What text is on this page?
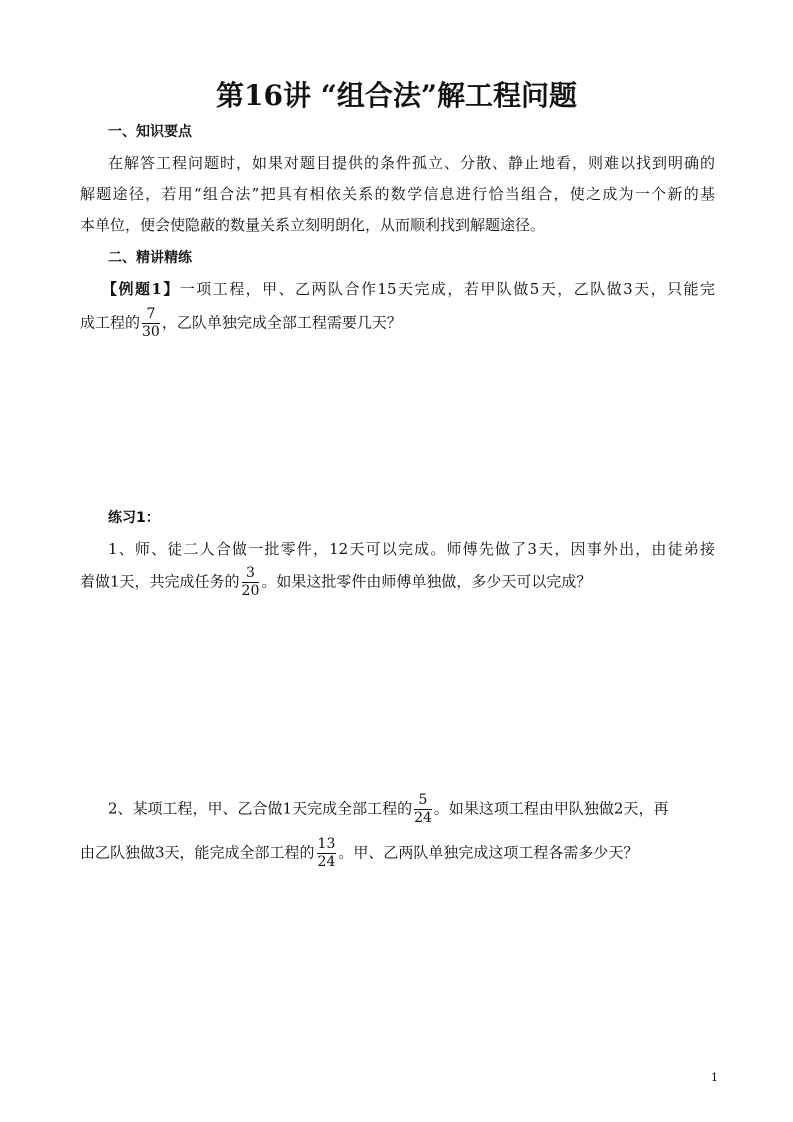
第16讲 “组合法”解工程问题
一、知识要点
在解答工程问题时，如果对题目提供的条件孤立、分散、静止地看，则难以找到明确的
解题途径，若用“组合法”把具有相依关系的数学信息进行恰当组合，使之成为一个新的基
本单位，便会使隐蔽的数量关系立刻明朗化，从而顺利找到解题途径。
二、精讲精练
【例题1】一项工程，甲、乙两队合作15天完成，若甲队做5天，乙队做3天，只能完
成工程的 $\frac{7}{30}$ ，乙队单独完成全部工程需要几天？
练习1：
1、师、徒二人合做一批零件，12天可以完成。师傅先做了3天，因事外出，由徒弟接
着做1天，共完成任务的 $\frac{3}{20}$ 。如果这批零件由师傅单独做，多少天可以完成？
2、某项工程，甲、乙合做1天完成全部工程的 $\frac{5}{24}$ 。如果这项工程由甲队独做2天，再
由乙队独做3天，能完成全部工程的 $\frac{13}{24}$ 。甲、乙两队单独完成这项工程各需多少天？
1
